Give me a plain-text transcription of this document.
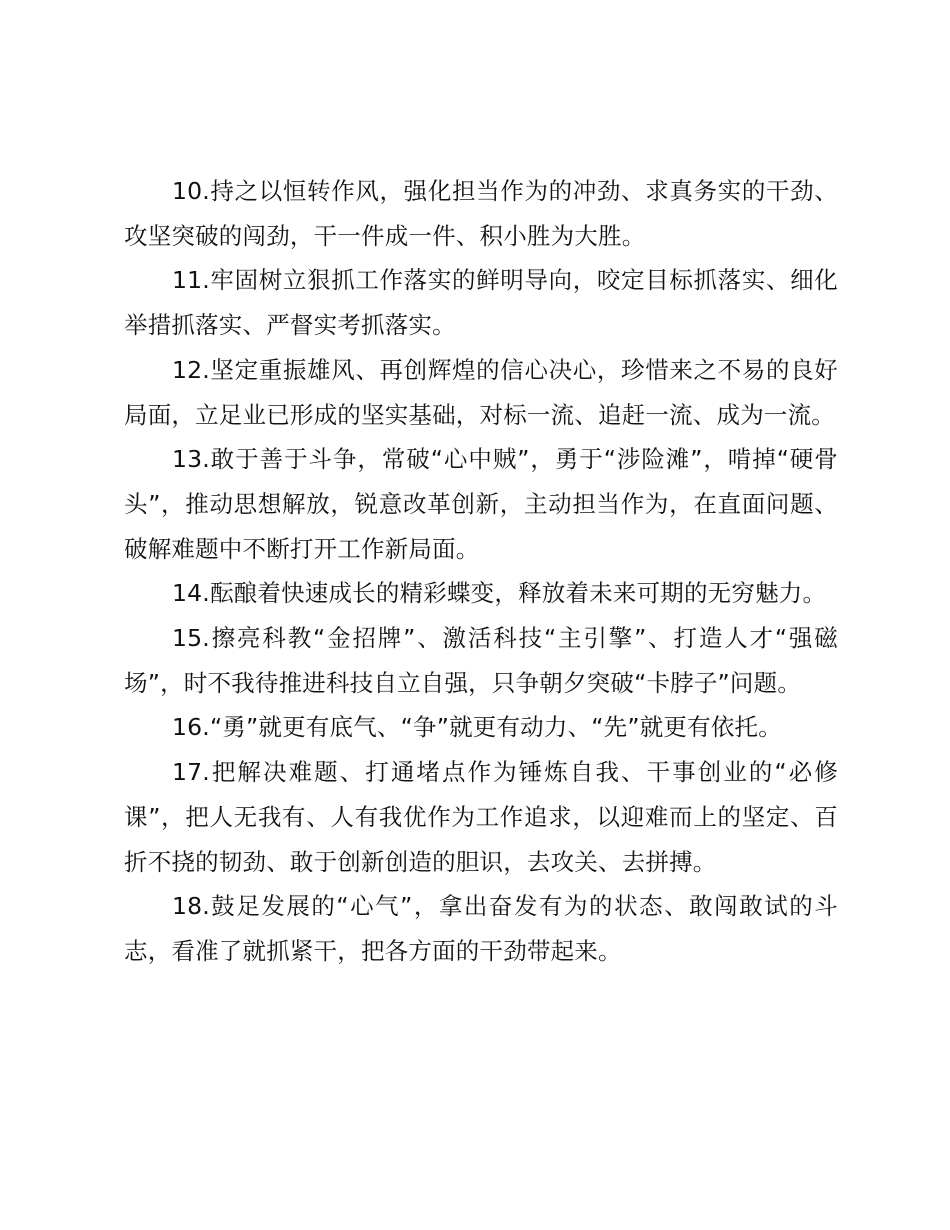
10.持之以恒转作风，强化担当作为的冲劲、求真务实的干劲、攻坚突破的闯劲，干一件成一件、积小胜为大胜。

11.牢固树立狠抓工作落实的鲜明导向，咬定目标抓落实、细化举措抓落实、严督实考抓落实。

12.坚定重振雄风、再创辉煌的信心决心，珍惜来之不易的良好局面，立足业已形成的坚实基础，对标一流、追赶一流、成为一流。

13.敢于善于斗争，常破“心中贼”，勇于“涉险滩”，啃掉“硬骨头”，推动思想解放，锐意改革创新，主动担当作为，在直面问题、破解难题中不断打开工作新局面。

14.酝酿着快速成长的精彩蝶变，释放着未来可期的无穷魅力。

15.擦亮科教“金招牌”、激活科技“主引擎”、打造人才“强磁场”，时不我待推进科技自立自强，只争朝夕突破“卡脖子”问题。

16.“勇”就更有底气、“争”就更有动力、“先”就更有依托。

17.把解决难题、打通堵点作为锤炼自我、干事创业的“必修课”，把人无我有、人有我优作为工作追求，以迎难而上的坚定、百折不挠的韧劲、敢于创新创造的胆识，去攻关、去拼搏。

18.鼓足发展的“心气”，拿出奋发有为的状态、敢闯敢试的斗志，看准了就抓紧干，把各方面的干劲带起来。
